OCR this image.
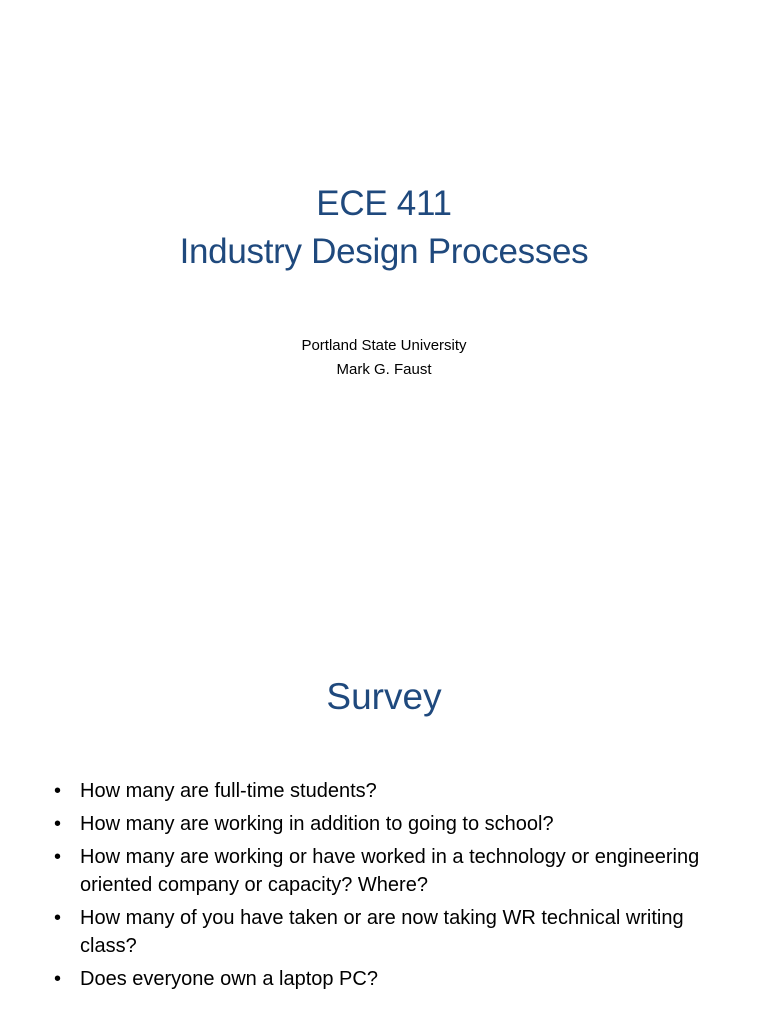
ECE 411
Industry Design Processes
Portland State University
Mark G. Faust
Survey
• How many are full-time students?
• How many are working in addition to going to school?
• How many are working or have worked in a technology or engineering oriented company or capacity? Where?
• How many of you have taken or are now taking WR technical writing class?
• Does everyone own a laptop PC?
